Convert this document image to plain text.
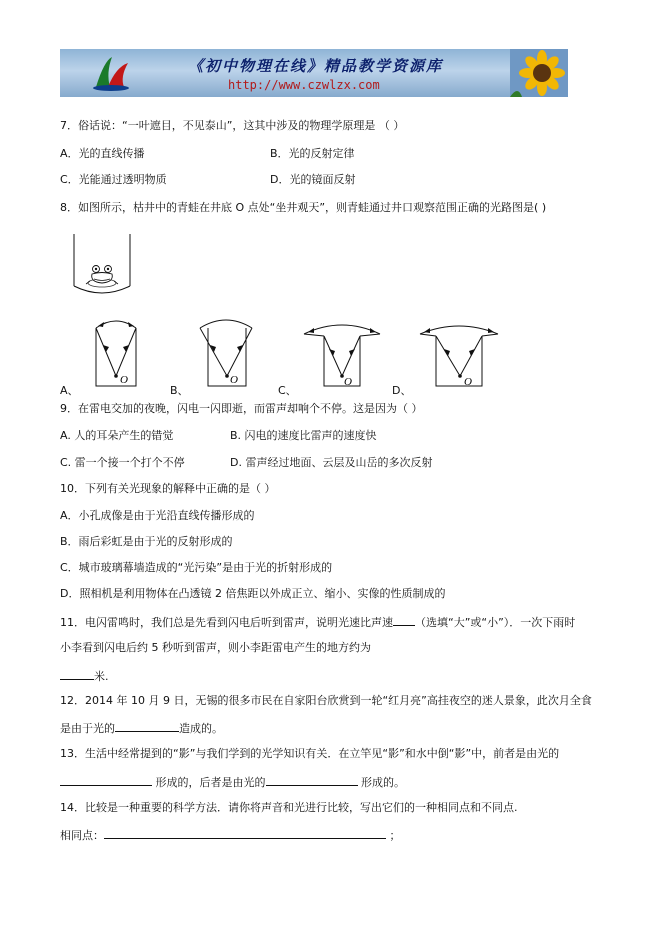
《初中物理在线》精品教学资源库
http://www.czwlzx.com
7．俗话说：“一叶遮目，不见泰山”，这其中涉及的物理学原理是 （ ）
A．光的直线传播	B．光的反射定律
C．光能通过透明物质	D．光的镜面反射
8．如图所示，枯井中的青蛙在井底 O 点处“坐井观天”，则青蛙通过井口观察范围正确的光路图是( )
O	O	O	O
A、	B、	C、	D、
9．在雷电交加的夜晚，闪电一闪即逝，而雷声却响个不停。这是因为（ ）
A. 人的耳朵产生的错觉	B. 闪电的速度比雷声的速度快
C. 雷一个接一个打个不停	D. 雷声经过地面、云层及山岳的多次反射
10．下列有关光现象的解释中正确的是（ ）
A．小孔成像是由于光沿直线传播形成的
B．雨后彩虹是由于光的反射形成的
C．城市玻璃幕墙造成的“光污染”是由于光的折射形成的
D．照相机是利用物体在凸透镜 2 倍焦距以外成正立、缩小、实像的性质制成的
11．电闪雷鸣时，我们总是先看到闪电后听到雷声，说明光速比声速 （选填“大”或“小”）．一次下雨时
小李看到闪电后约 5 秒听到雷声，则小李距雷电产生的地方约为
米.
12．2014 年 10 月 9 日，无锡的很多市民在自家阳台欣赏到一轮“红月亮”高挂夜空的迷人景象，此次月全食
是由于光的	造成的。
13．生活中经常提到的“影”与我们学到的光学知识有关．在立竿见“影”和水中倒“影”中，前者是由光的
形成的，后者是由光的	形成的。
14．比较是一种重要的科学方法．请你将声音和光进行比较，写出它们的一种相同点和不同点.
相同点：	；
